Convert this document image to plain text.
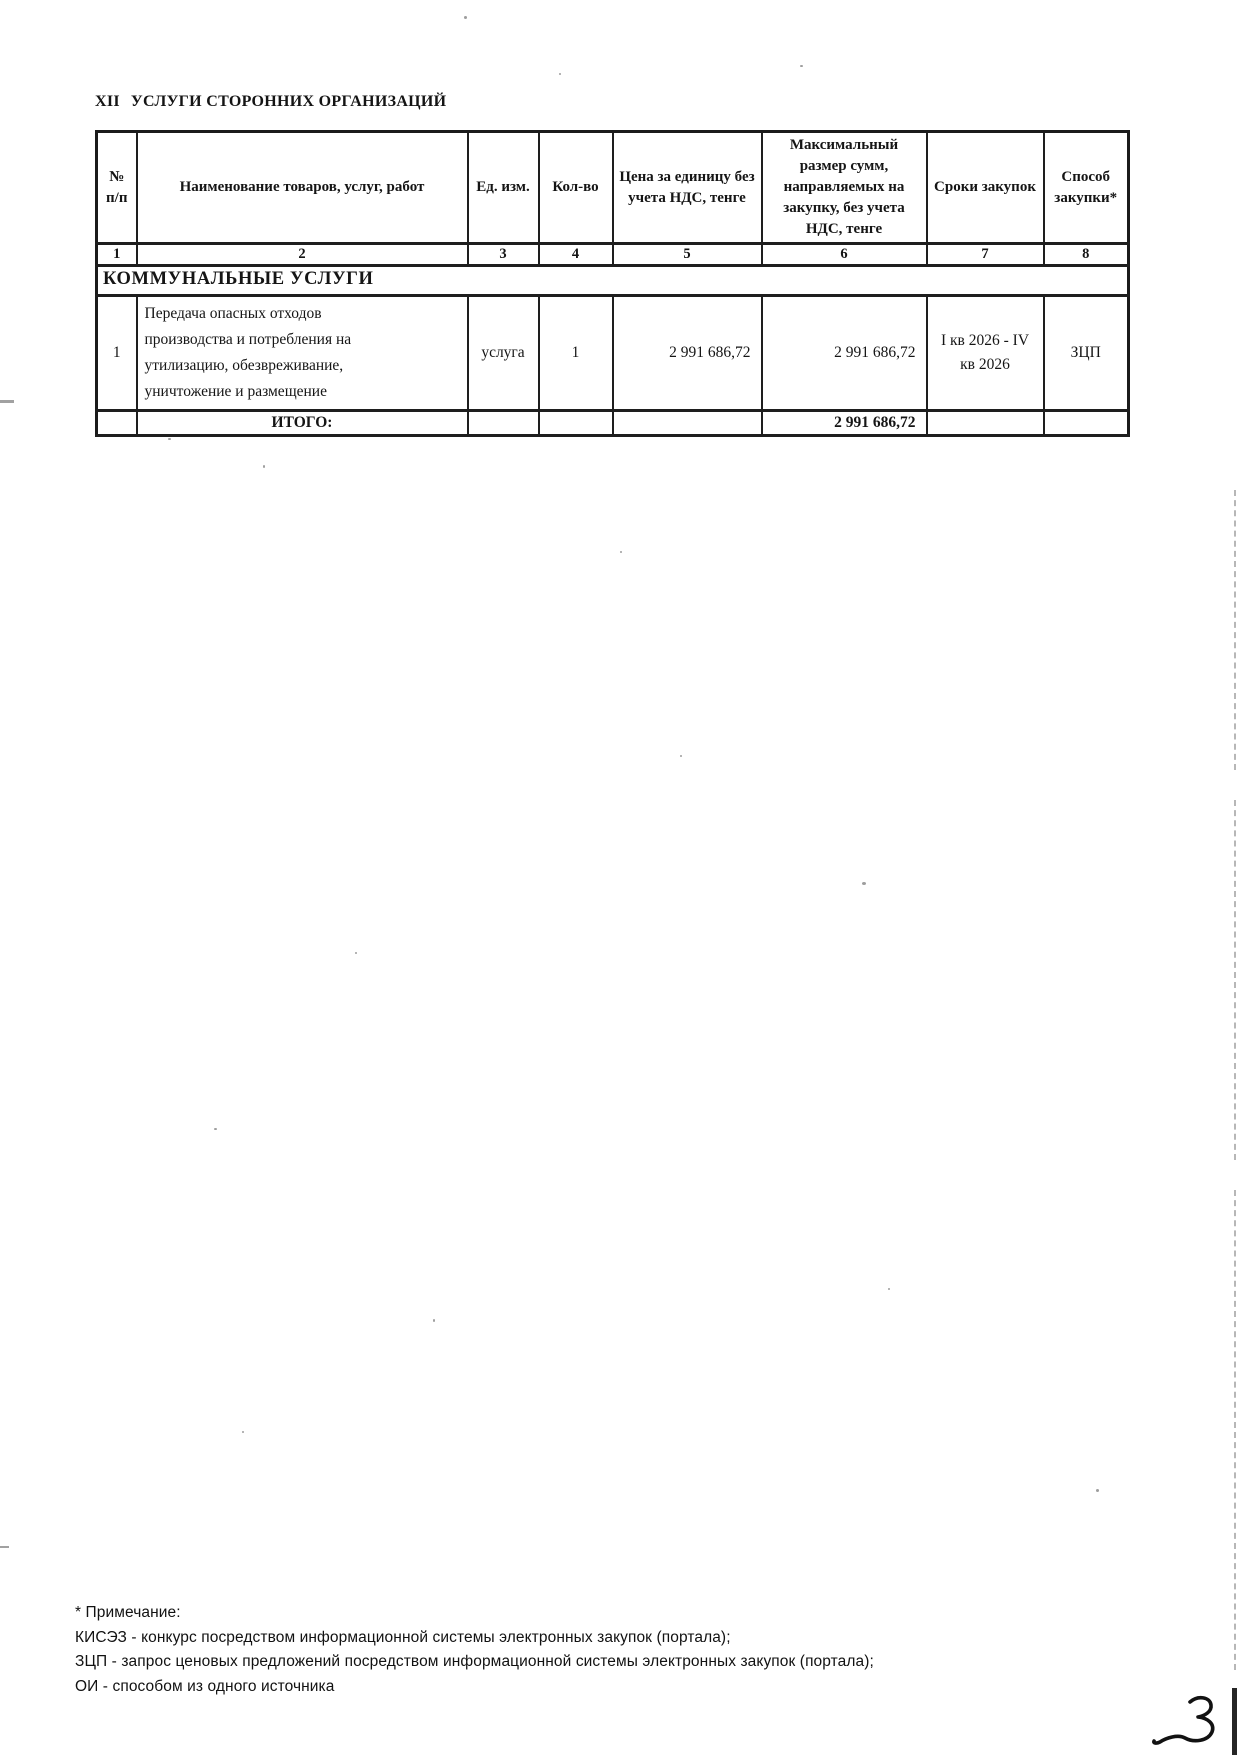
XII УСЛУГИ СТОРОННИХ ОРГАНИЗАЦИЙ
№ п/п	Наименование товаров, услуг, работ	Ед. изм.	Кол-во	Цена за единицу без учета НДС, тенге	Максимальный размер сумм, направляемых на закупку, без учета НДС, тенге	Сроки закупок	Способ закупки*
1	2	3	4	5	6	7	8
КОММУНАЛЬНЫЕ УСЛУГИ							
1	Передача опасных отходов производства и потребления на утилизацию, обезвреживание, уничтожение и размещение	услуга	1	2 991 686,72	2 991 686,72	I кв 2026 - IV кв 2026	ЗЦП
	ИТОГО:				2 991 686,72		
* Примечание:
КИСЭЗ - конкурс посредством информационной системы электронных закупок (портала);
ЗЦП - запрос ценовых предложений посредством информационной системы электронных закупок (портала);
ОИ - способом из одного источника
